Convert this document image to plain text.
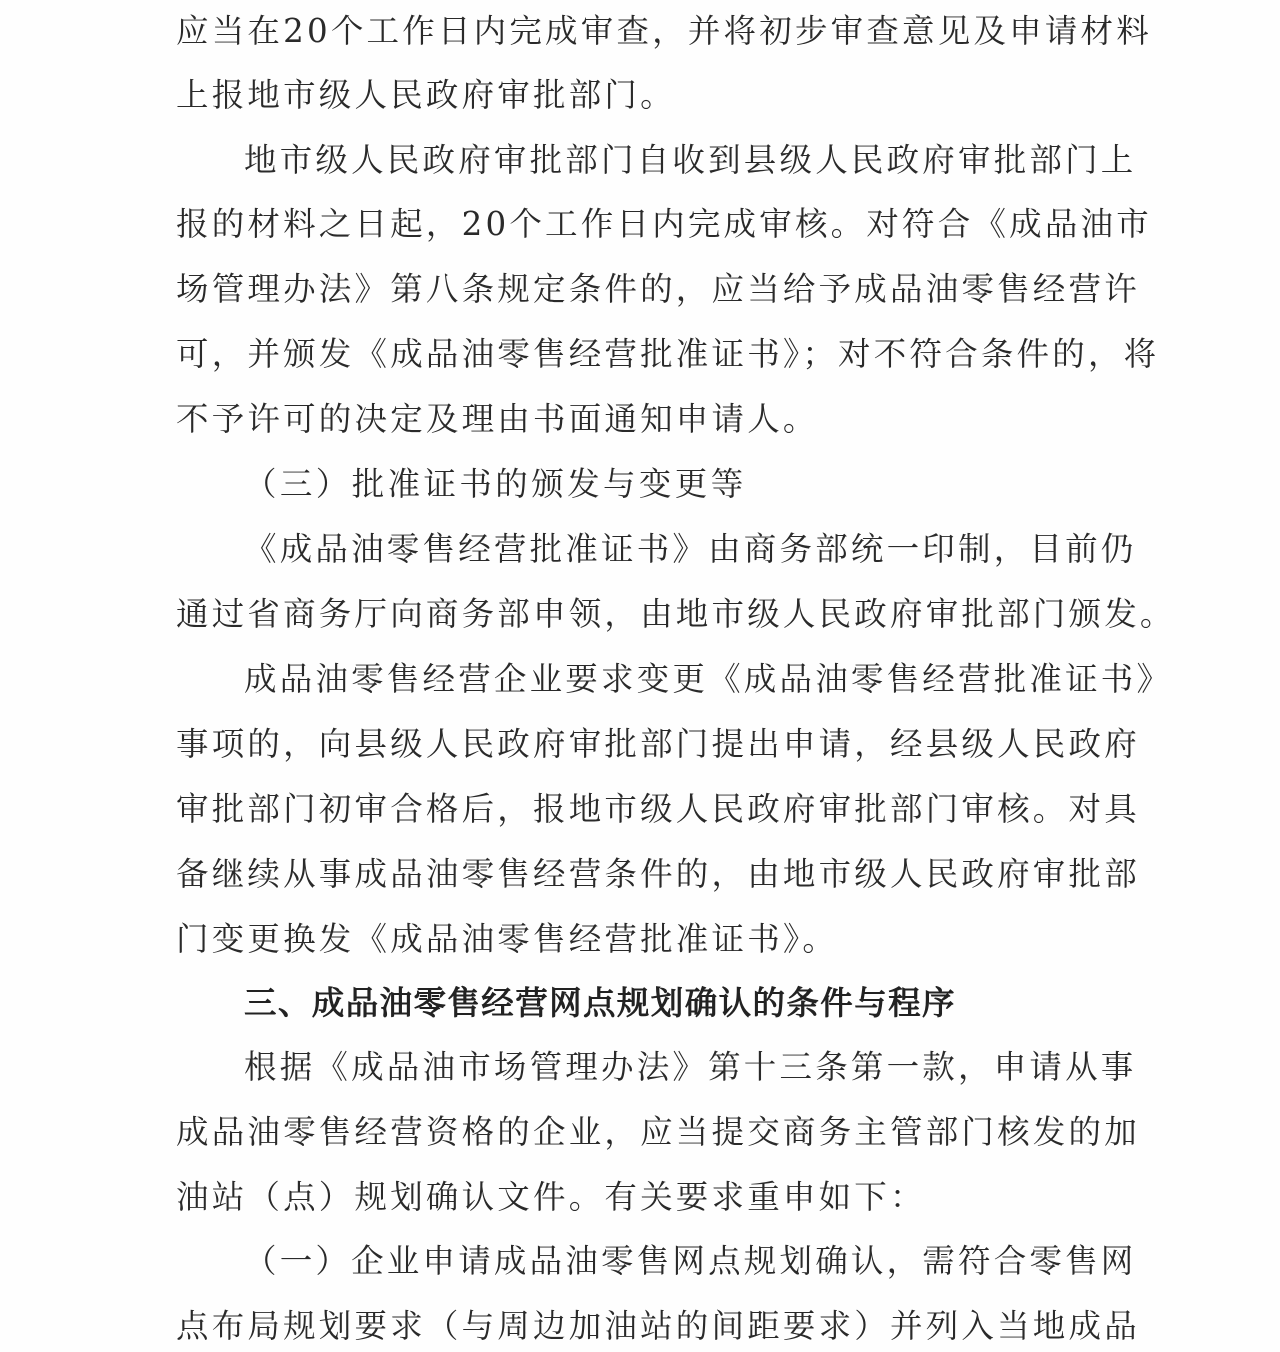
应当在20个工作日内完成审查，并将初步审查意见及申请材料
上报地市级人民政府审批部门。
地市级人民政府审批部门自收到县级人民政府审批部门上
报的材料之日起，20个工作日内完成审核。对符合《成品油市
场管理办法》第八条规定条件的，应当给予成品油零售经营许
可，并颁发《成品油零售经营批准证书》；对不符合条件的，将
不予许可的决定及理由书面通知申请人。
（三）批准证书的颁发与变更等
《成品油零售经营批准证书》由商务部统一印制，目前仍
通过省商务厅向商务部申领，由地市级人民政府审批部门颁发。
成品油零售经营企业要求变更《成品油零售经营批准证书》
事项的，向县级人民政府审批部门提出申请，经县级人民政府
审批部门初审合格后，报地市级人民政府审批部门审核。对具
备继续从事成品油零售经营条件的，由地市级人民政府审批部
门变更换发《成品油零售经营批准证书》。
三、成品油零售经营网点规划确认的条件与程序
根据《成品油市场管理办法》第十三条第一款，申请从事
成品油零售经营资格的企业，应当提交商务主管部门核发的加
油站（点）规划确认文件。有关要求重申如下：
（一）企业申请成品油零售网点规划确认，需符合零售网
点布局规划要求（与周边加油站的间距要求）并列入当地成品
